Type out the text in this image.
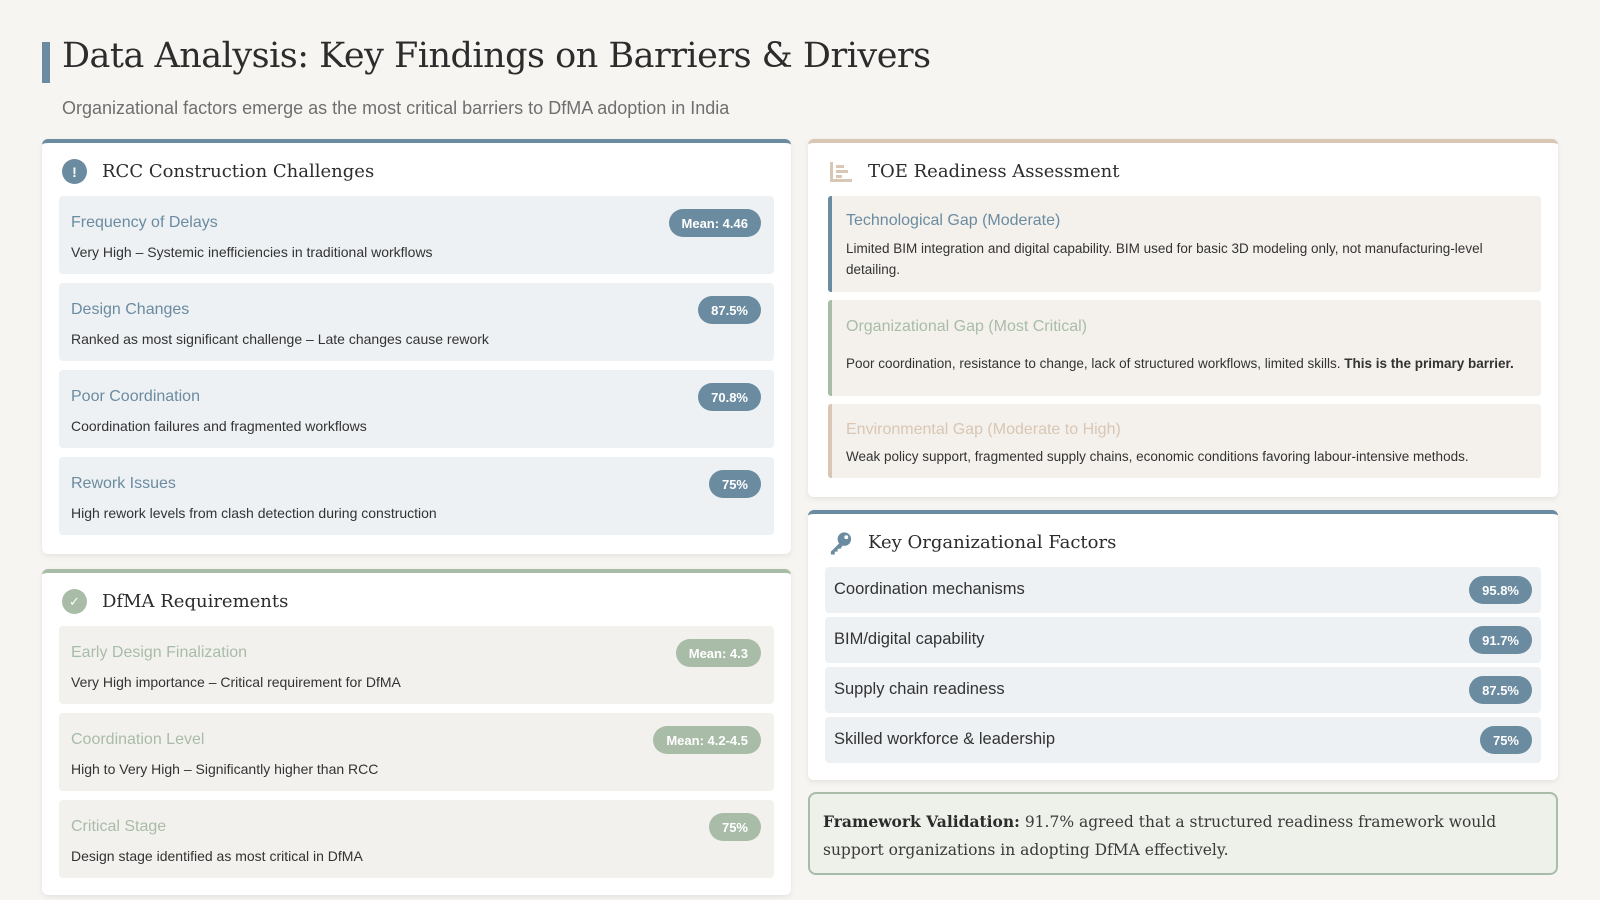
Data Analysis: Key Findings on Barriers & Drivers

Organizational factors emerge as the most critical barriers to DfMA adoption in India

!	RCC Construction Challenges
Frequency of Delays	Mean: 4.46
Very High – Systemic inefficiencies in traditional workflows
Design Changes	87.5%
Ranked as most significant challenge – Late changes cause rework
Poor Coordination	70.8%
Coordination failures and fragmented workflows
Rework Issues	75%
High rework levels from clash detection during construction
✓	DfMA Requirements
Early Design Finalization	Mean: 4.3
Very High importance – Critical requirement for DfMA
Coordination Level	Mean: 4.2-4.5
High to Very High – Significantly higher than RCC
Critical Stage	75%
Design stage identified as most critical in DfMA
TOE Readiness Assessment
Technological Gap (Moderate)

Limited BIM integration and digital capability. BIM used for basic 3D modeling only, not manufacturing-level detailing.

Organizational Gap (Most Critical)

Poor coordination, resistance to change, lack of structured workflows, limited skills. This is the primary barrier.

Environmental Gap (Moderate to High)

Weak policy support, fragmented supply chains, economic conditions favoring labour-intensive methods.

Key Organizational Factors
Coordination mechanisms	95.8%
BIM/digital capability	91.7%
Supply chain readiness	87.5%
Skilled workforce & leadership	75%
Framework Validation: 91.7% agreed that a structured readiness framework would support organizations in adopting DfMA effectively.
